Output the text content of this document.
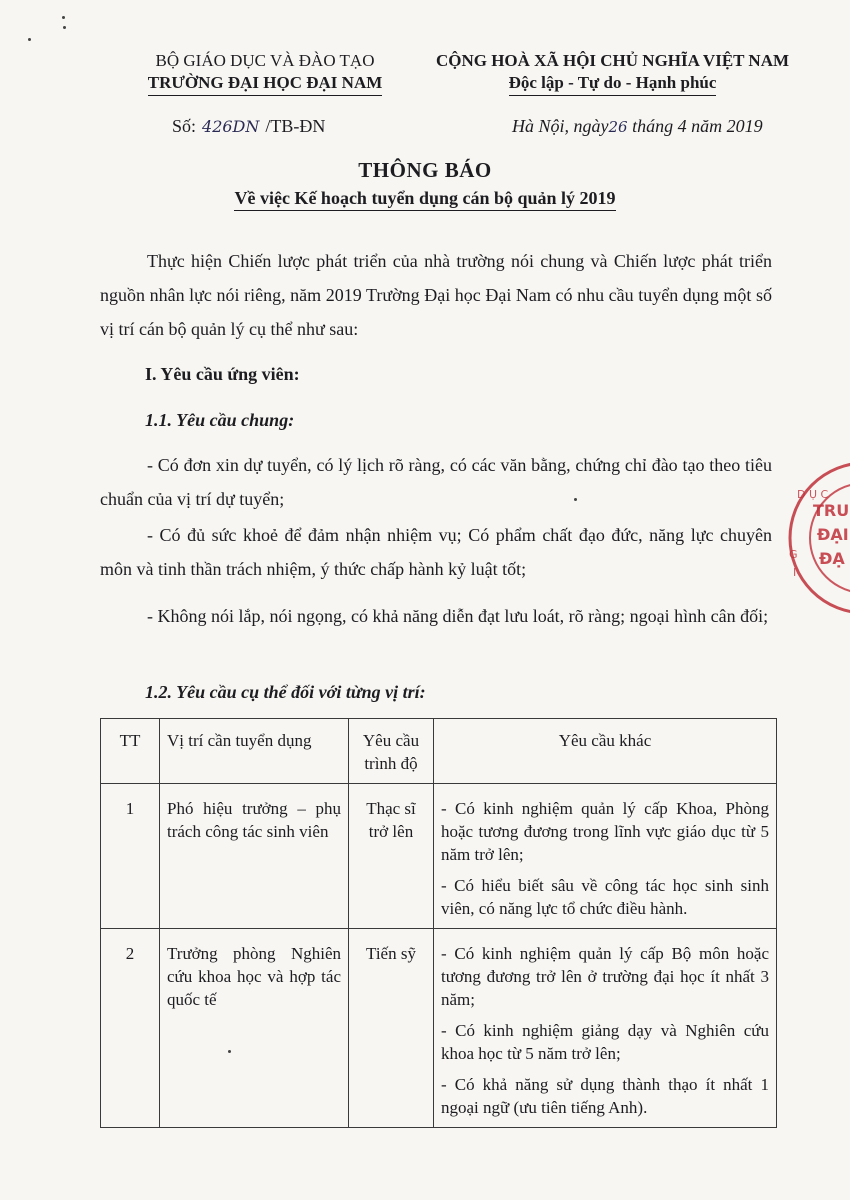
BỘ GIÁO DỤC VÀ ĐÀO TẠO
TRƯỜNG ĐẠI HỌC ĐẠI NAM
CỘNG HOÀ XÃ HỘI CHỦ NGHĨA VIỆT NAM
Độc lập - Tự do - Hạnh phúc
Số: 426DN /TB-ĐN	Hà Nội, ngày26 tháng 4 năm 2019
THÔNG BÁO
Về việc Kế hoạch tuyển dụng cán bộ quản lý 2019
Thực hiện Chiến lược phát triển của nhà trường nói chung và Chiến lược phát triển nguồn nhân lực nói riêng, năm 2019 Trường Đại học Đại Nam có nhu cầu tuyển dụng một số vị trí cán bộ quản lý cụ thể như sau:
I. Yêu cầu ứng viên:
1.1. Yêu cầu chung:
- Có đơn xin dự tuyển, có lý lịch rõ ràng, có các văn bằng, chứng chỉ đào tạo theo tiêu chuẩn của vị trí dự tuyển;
- Có đủ sức khoẻ để đảm nhận nhiệm vụ; Có phẩm chất đạo đức, năng lực chuyên môn và tinh thần trách nhiệm, ý thức chấp hành kỷ luật tốt;
- Không nói lắp, nói ngọng, có khả năng diễn đạt lưu loát, rõ ràng; ngoại hình cân đối;
1.2. Yêu cầu cụ thể đối với từng vị trí:
TT	Vị trí cần tuyển dụng	Yêu cầu trình độ	Yêu cầu khác
1	Phó hiệu trưởng – phụ trách công tác sinh viên	Thạc sĩ trở lên	- Có kinh nghiệm quản lý cấp Khoa, Phòng hoặc tương đương trong lĩnh vực giáo dục từ 5 năm trở lên;

- Có hiểu biết sâu về công tác học sinh sinh viên, có năng lực tổ chức điều hành.

2	Trưởng phòng Nghiên cứu khoa học và hợp tác quốc tế	Tiến sỹ	- Có kinh nghiệm quản lý cấp Bộ môn hoặc tương đương trở lên ở trường đại học ít nhất 3 năm;

- Có kinh nghiệm giảng dạy và Nghiên cứu khoa học từ 5 năm trở lên;

- Có khả năng sử dụng thành thạo ít nhất 1 ngoại ngữ (ưu tiên tiếng Anh).

TRU
ĐẠI
ĐẠ
D Ụ C
G
I
